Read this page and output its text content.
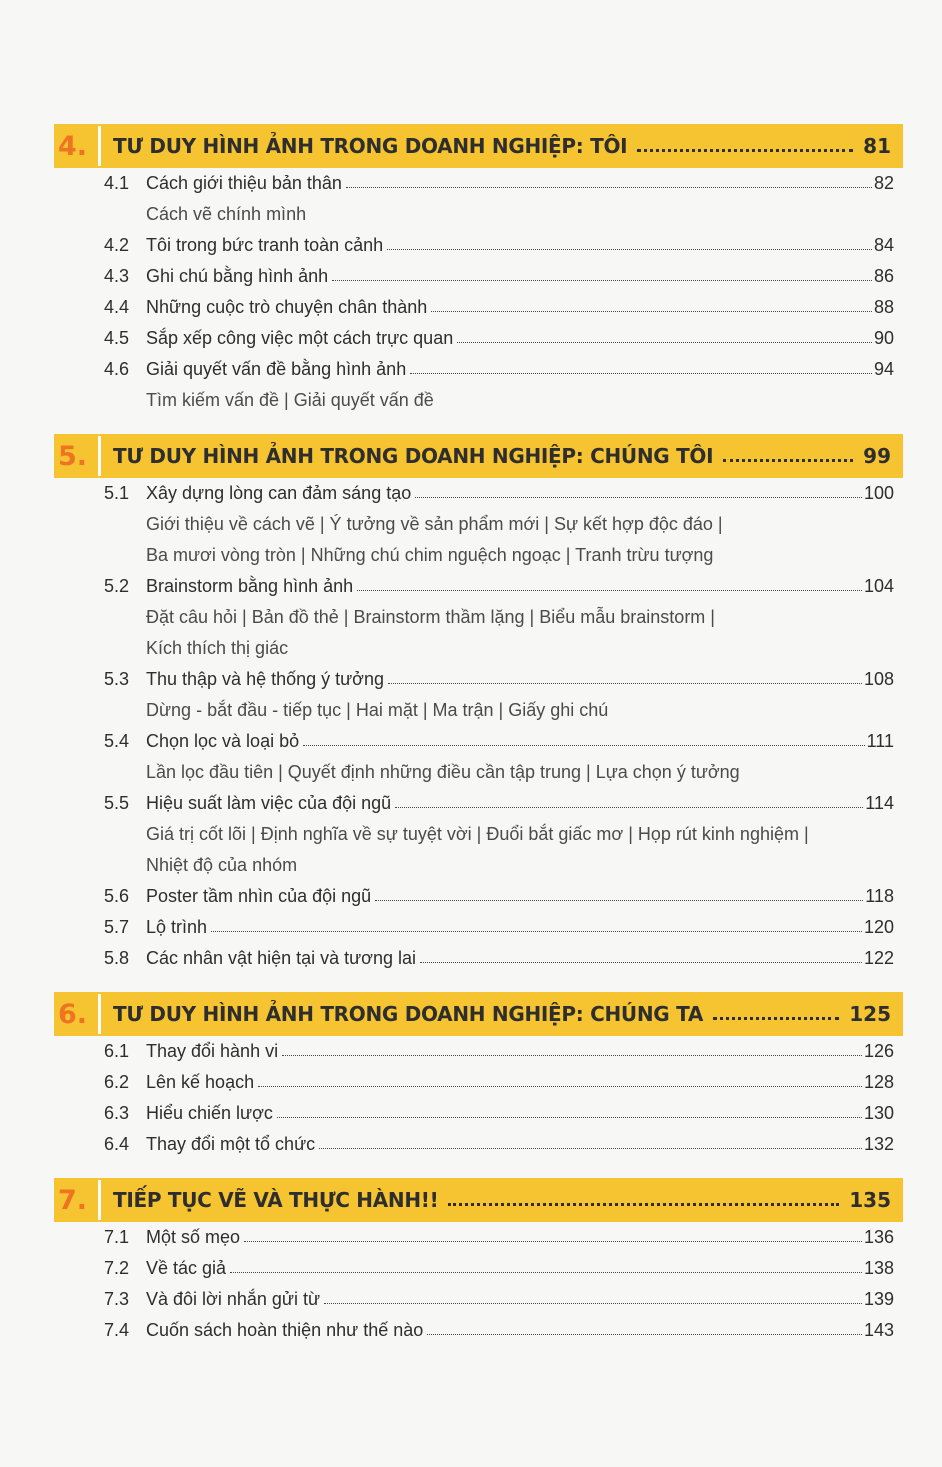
4.	TƯ DUY HÌNH ẢNH TRONG DOANH NGHIỆP: TÔI	81
4.1 Cách giới thiệu bản thân	82
Cách vẽ chính mình
4.2 Tôi trong bức tranh toàn cảnh	84
4.3 Ghi chú bằng hình ảnh	86
4.4 Những cuộc trò chuyện chân thành	88
4.5 Sắp xếp công việc một cách trực quan	90
4.6 Giải quyết vấn đề bằng hình ảnh	94
Tìm kiếm vấn đề | Giải quyết vấn đề
5.	TƯ DUY HÌNH ẢNH TRONG DOANH NGHIỆP: CHÚNG TÔI	99
5.1 Xây dựng lòng can đảm sáng tạo	100
Giới thiệu về cách vẽ | Ý tưởng về sản phẩm mới | Sự kết hợp độc đáo |
Ba mươi vòng tròn | Những chú chim nguệch ngoạc | Tranh trừu tượng
5.2 Brainstorm bằng hình ảnh	104
Đặt câu hỏi | Bản đồ thẻ | Brainstorm thầm lặng | Biểu mẫu brainstorm |
Kích thích thị giác
5.3 Thu thập và hệ thống ý tưởng	108
Dừng - bắt đầu - tiếp tục | Hai mặt | Ma trận | Giấy ghi chú
5.4 Chọn lọc và loại bỏ	111
Lần lọc đầu tiên | Quyết định những điều cần tập trung | Lựa chọn ý tưởng
5.5 Hiệu suất làm việc của đội ngũ	114
Giá trị cốt lõi | Định nghĩa về sự tuyệt vời | Đuổi bắt giấc mơ | Họp rút kinh nghiệm |
Nhiệt độ của nhóm
5.6 Poster tầm nhìn của đội ngũ	118
5.7 Lộ trình	120
5.8 Các nhân vật hiện tại và tương lai	122
6.	TƯ DUY HÌNH ẢNH TRONG DOANH NGHIỆP: CHÚNG TA	125
6.1 Thay đổi hành vi	126
6.2 Lên kế hoạch	128
6.3 Hiểu chiến lược	130
6.4 Thay đổi một tổ chức	132
7.	TIẾP TỤC VẼ VÀ THỰC HÀNH!!	135
7.1 Một số mẹo	136
7.2 Về tác giả	138
7.3 Và đôi lời nhắn gửi từ	139
7.4 Cuốn sách hoàn thiện như thế nào	143
